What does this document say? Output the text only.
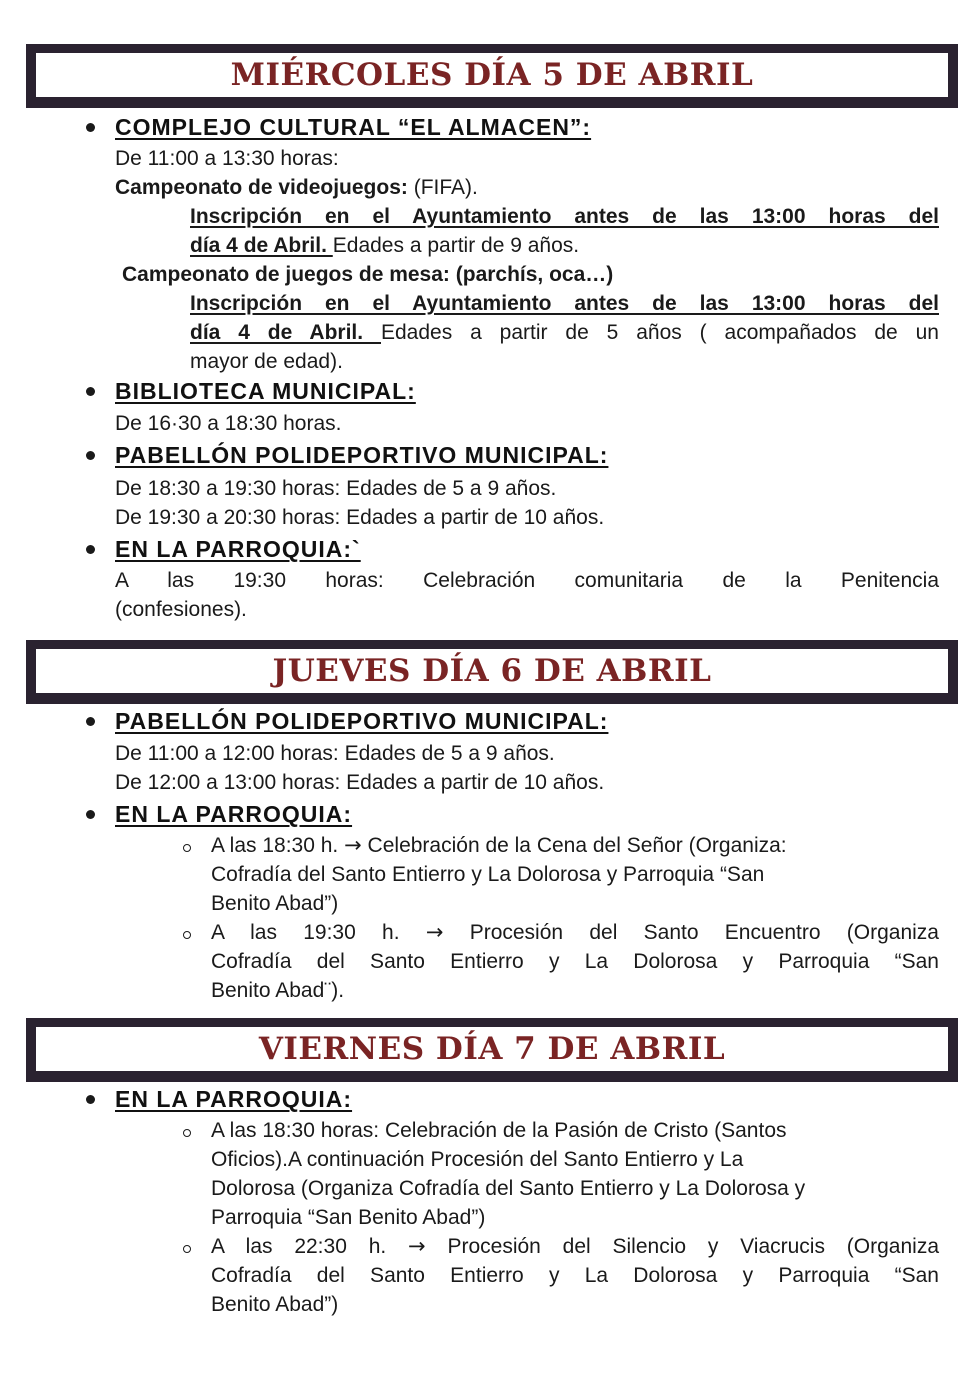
MIÉRCOLES DÍA 5 DE ABRIL
COMPLEJO CULTURAL “EL ALMACEN”:
De 11:00 a 13:30 horas:
Campeonato de videojuegos: (FIFA).
Inscripción en el Ayuntamiento antes de las 13:00 horas del
día 4 de Abril. Edades a partir de 9 años.
Campeonato de juegos de mesa: (parchís, oca…)
Inscripción en el Ayuntamiento antes de las 13:00 horas del
día 4 de Abril. Edades a partir de 5 años ( acompañados de un
mayor de edad).
BIBLIOTECA MUNICIPAL:
De 16·30 a 18:30 horas.
PABELLÓN POLIDEPORTIVO MUNICIPAL:
De 18:30 a 19:30 horas: Edades de 5 a 9 años.
De 19:30 a 20:30 horas: Edades a partir de 10 años.
EN LA PARROQUIA:`
A las 19:30 horas: Celebración comunitaria de la Penitencia
(confesiones).
JUEVES DÍA 6 DE ABRIL
PABELLÓN POLIDEPORTIVO MUNICIPAL:
De 11:00 a 12:00 horas: Edades de 5 a 9 años.
De 12:00 a 13:00 horas: Edades a partir de 10 años.
EN LA PARROQUIA:
A las 18:30 h. → Celebración de la Cena del Señor (Organiza:
Cofradía del Santo Entierro y La Dolorosa y Parroquia “San
Benito Abad”)
A las 19:30 h. → Procesión del Santo Encuentro (Organiza
Cofradía del Santo Entierro y La Dolorosa y Parroquia “San
Benito Abad¨).
VIERNES DÍA 7 DE ABRIL
EN LA PARROQUIA:
A las 18:30 horas: Celebración de la Pasión de Cristo (Santos
Oficios).A continuación Procesión del Santo Entierro y La
Dolorosa (Organiza Cofradía del Santo Entierro y La Dolorosa y
Parroquia “San Benito Abad”)
A las 22:30 h. → Procesión del Silencio y Viacrucis (Organiza
Cofradía del Santo Entierro y La Dolorosa y Parroquia “San
Benito Abad”)
